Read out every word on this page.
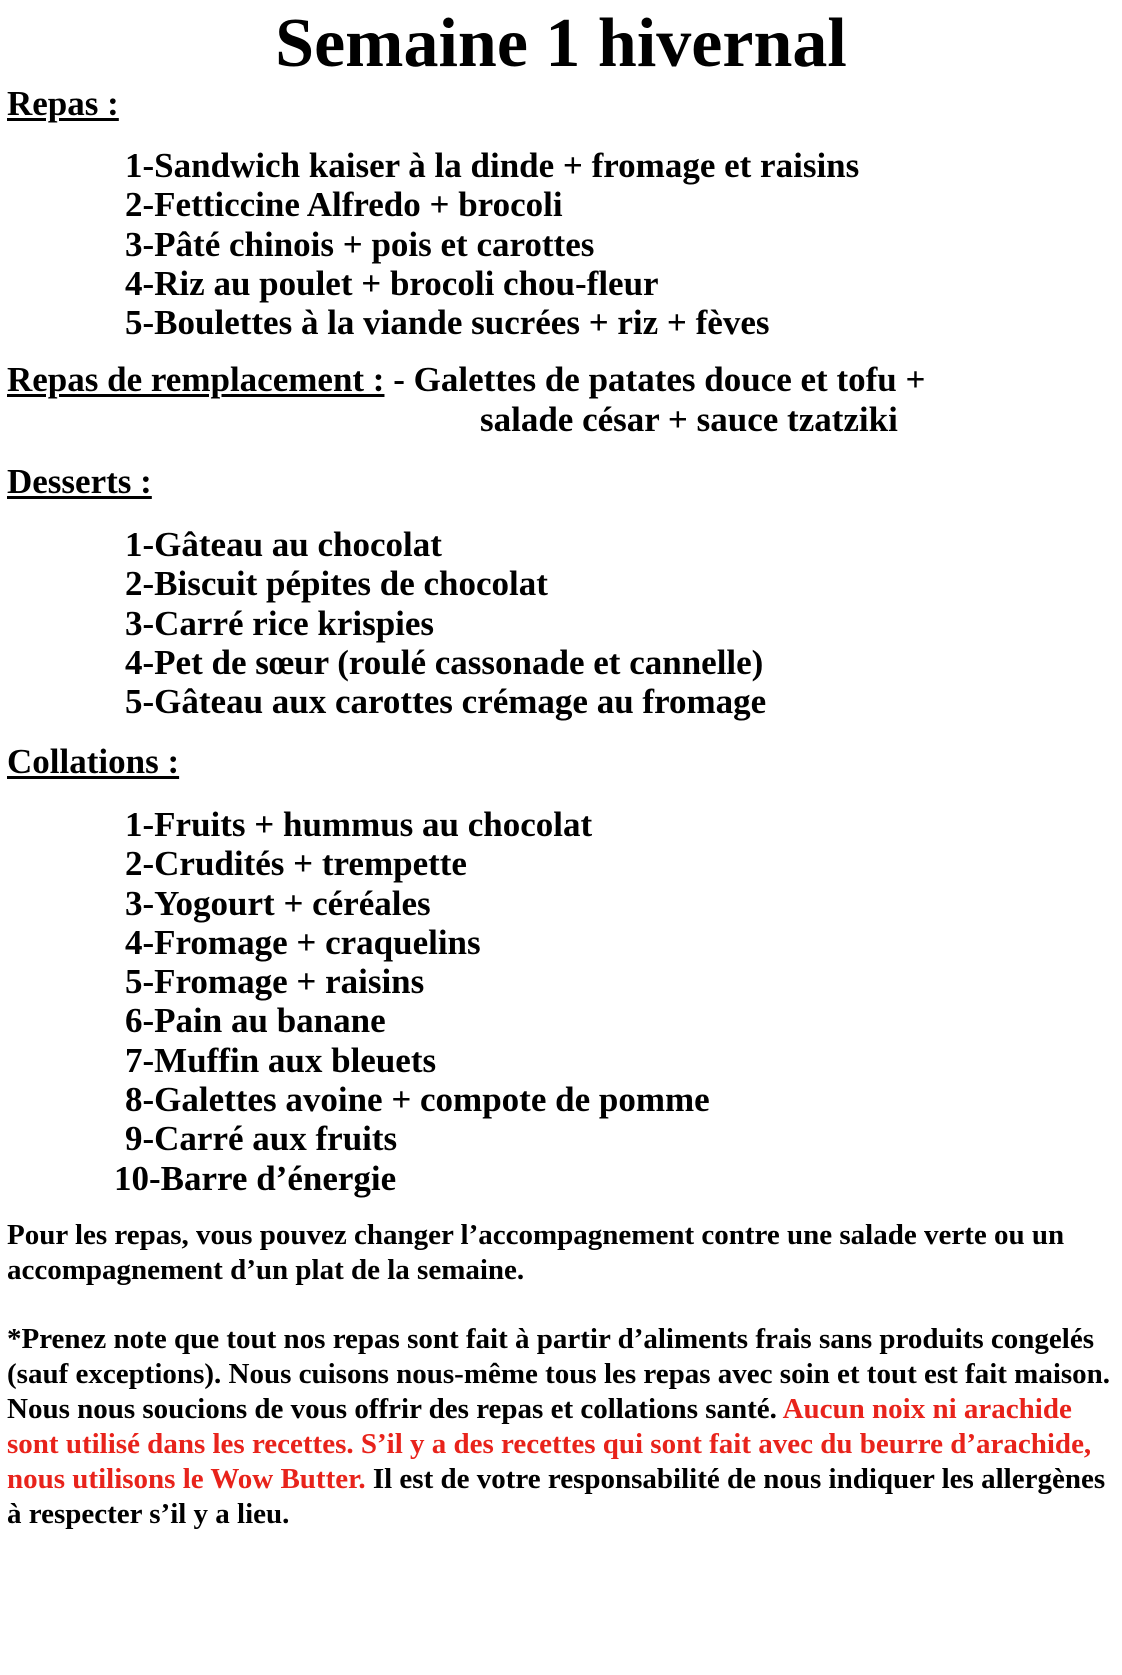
Semaine 1 hivernal
Repas :
1-Sandwich kaiser à la dinde + fromage et raisins
2-Fetticcine Alfredo + brocoli
3-Pâté chinois + pois et carottes
4-Riz au poulet + brocoli chou-fleur
5-Boulettes à la viande sucrées + riz + fèves
Repas de remplacement : - Galettes de patates douce et tofu +
salade césar + sauce tzatziki
Desserts :
1-Gâteau au chocolat
2-Biscuit pépites de chocolat
3-Carré rice krispies
4-Pet de sœur (roulé cassonade et cannelle)
5-Gâteau aux carottes crémage au fromage
Collations :
1-Fruits + hummus au chocolat
2-Crudités + trempette
3-Yogourt + céréales
4-Fromage + craquelins
5-Fromage + raisins
6-Pain au banane
7-Muffin aux bleuets
8-Galettes avoine + compote de pomme
9-Carré aux fruits
10-Barre d’énergie

Pour les repas, vous pouvez changer l’accompagnement contre une salade verte ou un accompagnement d’un plat de la semaine.

*Prenez note que tout nos repas sont fait à partir d’aliments frais sans produits congelés (sauf exceptions). Nous cuisons nous-même tous les repas avec soin et tout est fait maison. Nous nous soucions de vous offrir des repas et collations santé. Aucun noix ni arachide sont utilisé dans les recettes. S’il y a des recettes qui sont fait avec du beurre d’arachide, nous utilisons le Wow Butter. Il est de votre responsabilité de nous indiquer les allergènes à respecter s’il y a lieu.
